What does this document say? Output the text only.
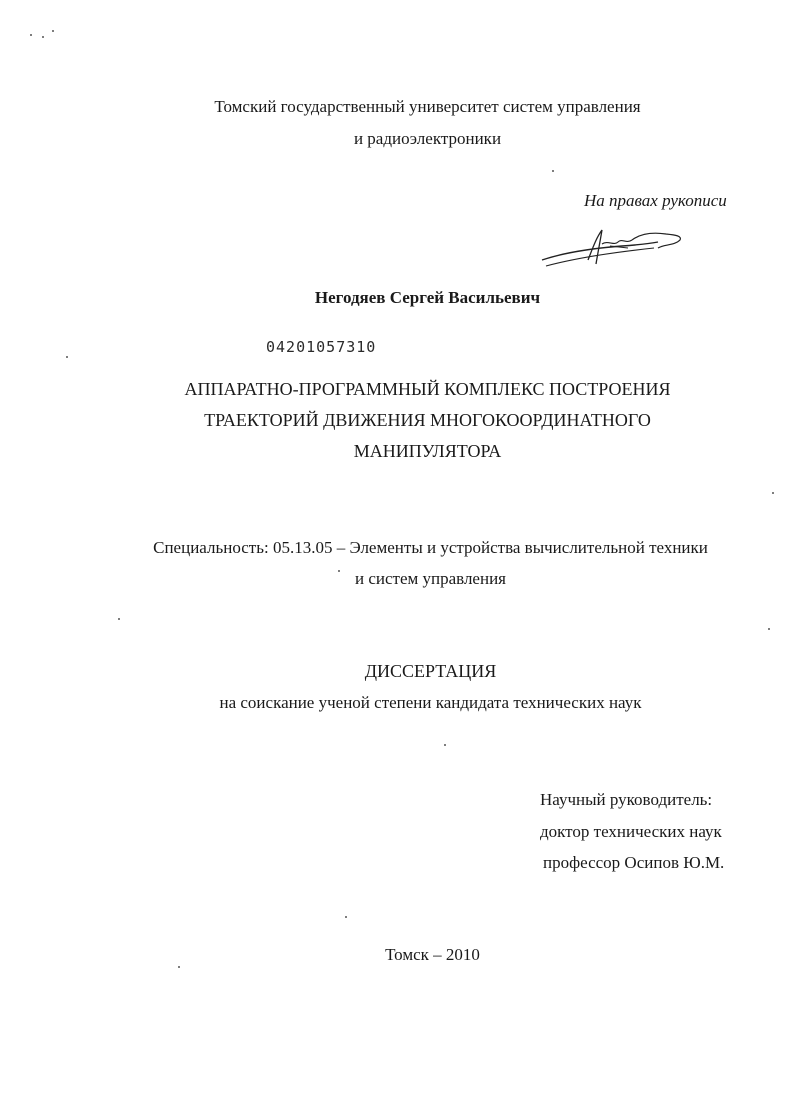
Томский государственный университет систем управления
и радиоэлектроники
На правах рукописи
Негодяев Сергей Васильевич
04201057310
АППАРАТНО-ПРОГРАММНЫЙ КОМПЛЕКС ПОСТРОЕНИЯ
ТРАЕКТОРИЙ ДВИЖЕНИЯ МНОГОКООРДИНАТНОГО
МАНИПУЛЯТОРА
Специальность: 05.13.05 – Элементы и устройства вычислительной техники
и систем управления
ДИССЕРТАЦИЯ
на соискание ученой степени кандидата технических наук
Научный руководитель:
доктор технических наук
профессор Осипов Ю.М.
Томск – 2010
